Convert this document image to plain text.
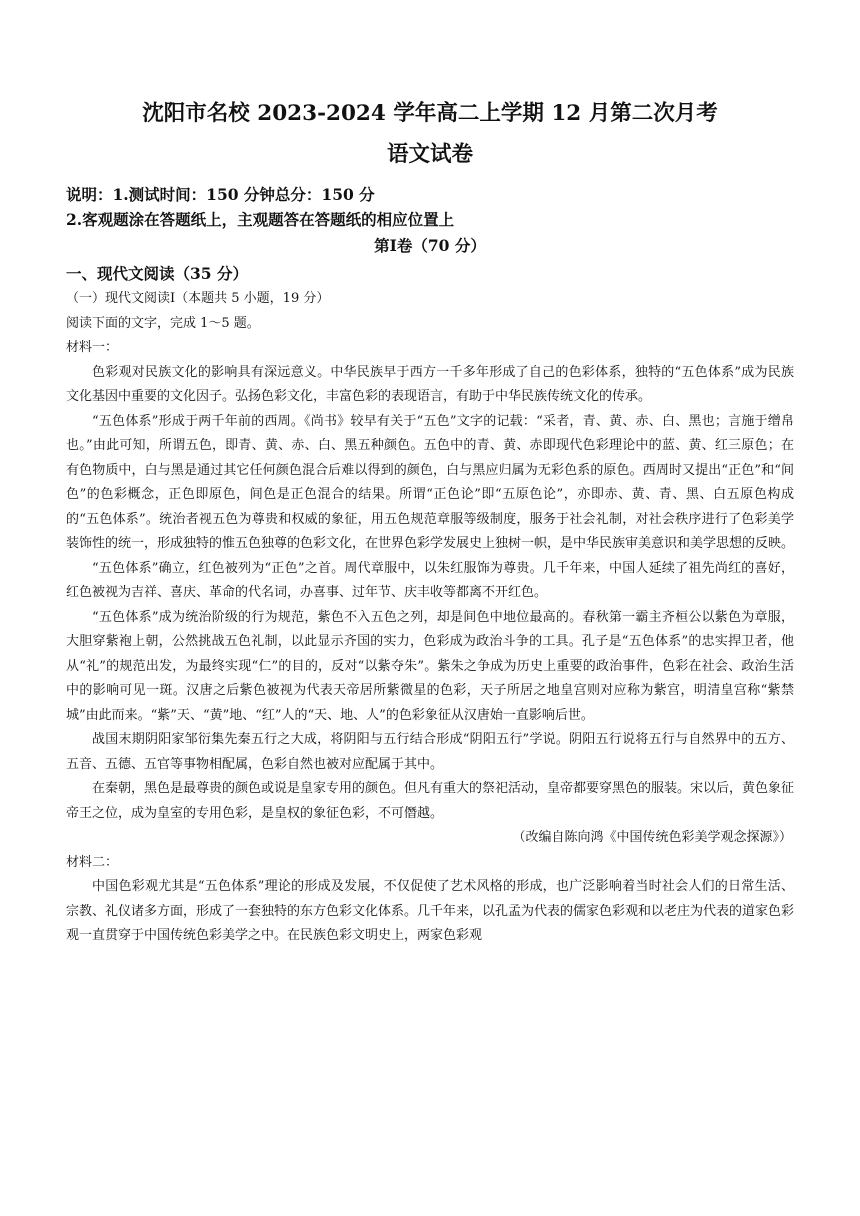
沈阳市名校 2023-2024 学年高二上学期 12 月第二次月考
语文试卷

说明：1.测试时间：150 分钟总分：150 分

2.客观题涂在答题纸上，主观题答在答题纸的相应位置上

第Ⅰ卷（70 分）

一、现代文阅读（35 分）

（一）现代文阅读Ⅰ（本题共 5 小题，19 分）

阅读下面的文字，完成 1～5 题。

材料一：

色彩观对民族文化的影响具有深远意义。中华民族早于西方一千多年形成了自己的色彩体系，独特的“五色体系”成为民族文化基因中重要的文化因子。弘扬色彩文化，丰富色彩的表现语言，有助于中华民族传统文化的传承。

“五色体系”形成于两千年前的西周。《尚书》较早有关于“五色”文字的记载：“采者，青、黄、赤、白、黑也；言施于缯帛也。”由此可知，所谓五色，即青、黄、赤、白、黑五种颜色。五色中的青、黄、赤即现代色彩理论中的蓝、黄、红三原色；在有色物质中，白与黑是通过其它任何颜色混合后难以得到的颜色，白与黑应归属为无彩色系的原色。西周时又提出“正色”和“间色”的色彩概念，正色即原色，间色是正色混合的结果。所谓“正色论”即“五原色论”，亦即赤、黄、青、黑、白五原色构成的“五色体系”。统治者视五色为尊贵和权威的象征，用五色规范章服等级制度，服务于社会礼制，对社会秩序进行了色彩美学装饰性的统一，形成独特的惟五色独尊的色彩文化，在世界色彩学发展史上独树一帜，是中华民族审美意识和美学思想的反映。

“五色体系”确立，红色被列为“正色”之首。周代章服中，以朱红服饰为尊贵。几千年来，中国人延续了祖先尚红的喜好，红色被视为吉祥、喜庆、革命的代名词，办喜事、过年节、庆丰收等都离不开红色。

“五色体系”成为统治阶级的行为规范，紫色不入五色之列，却是间色中地位最高的。春秋第一霸主齐桓公以紫色为章服，大胆穿紫袍上朝，公然挑战五色礼制，以此显示齐国的实力，色彩成为政治斗争的工具。孔子是“五色体系”的忠实捍卫者，他从“礼”的规范出发，为最终实现“仁”的目的，反对“以紫夺朱”。紫朱之争成为历史上重要的政治事件，色彩在社会、政治生活中的影响可见一斑。汉唐之后紫色被视为代表天帝居所紫微星的色彩，天子所居之地皇宫则对应称为紫宫，明清皇宫称“紫禁城”由此而来。“紫”天、“黄”地、“红”人的“天、地、人”的色彩象征从汉唐始一直影响后世。

战国末期阴阳家邹衍集先秦五行之大成，将阴阳与五行结合形成“阴阳五行”学说。阴阳五行说将五行与自然界中的五方、五音、五德、五官等事物相配属，色彩自然也被对应配属于其中。

在秦朝，黑色是最尊贵的颜色或说是皇家专用的颜色。但凡有重大的祭祀活动，皇帝都要穿黑色的服装。宋以后，黄色象征帝王之位，成为皇室的专用色彩，是皇权的象征色彩，不可僭越。

（改编自陈向鸿《中国传统色彩美学观念探源》）

材料二：

中国色彩观尤其是“五色体系”理论的形成及发展，不仅促使了艺术风格的形成，也广泛影响着当时社会人们的日常生活、宗教、礼仪诸多方面，形成了一套独特的东方色彩文化体系。几千年来，以孔孟为代表的儒家色彩观和以老庄为代表的道家色彩观一直贯穿于中国传统色彩美学之中。在民族色彩文明史上，两家色彩观
